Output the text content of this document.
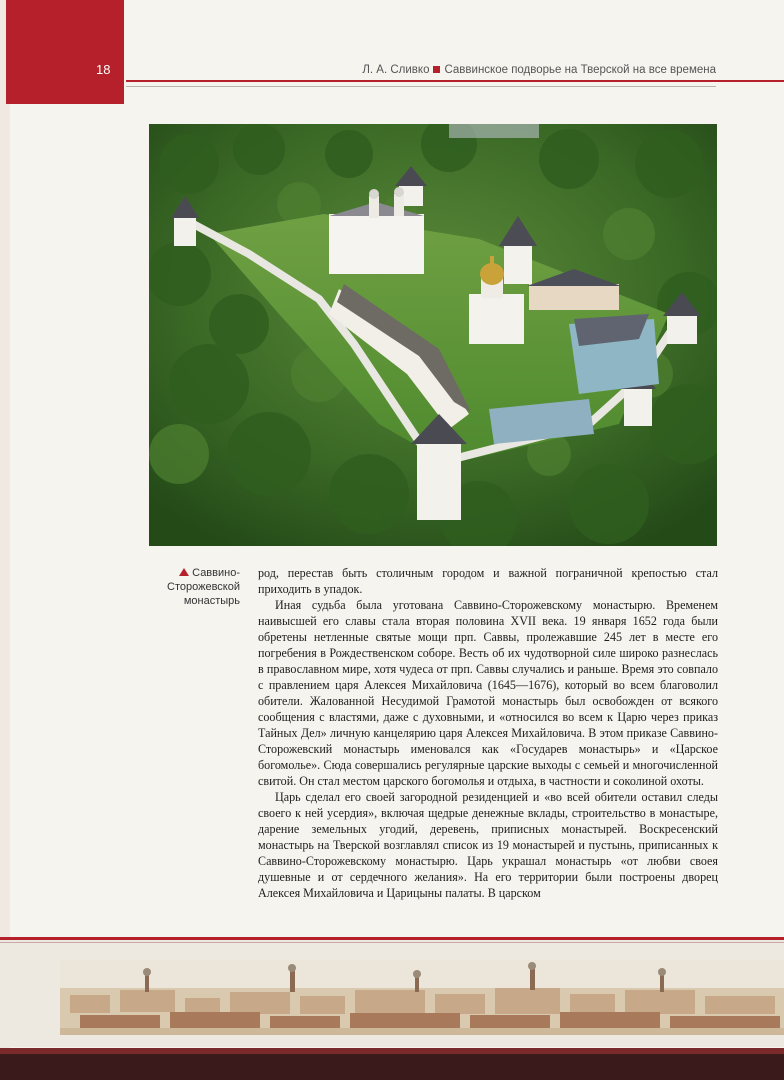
18	Л. А. Сливко Саввинское подворье на Тверской на все времена
Саввино-
Сторожевской
монастырь

род, перестав быть столичным городом и важной пограничной крепостью стал приходить в упадок.

Иная судьба была уготована Саввино-Сторожевскому монастырю. Временем наивысшей его славы стала вторая половина XVII века. 19 января 1652 года были обретены нетленные святые мощи прп. Саввы, пролежавшие 245 лет в месте его погребения в Рождественском соборе. Весть об их чудотворной силе широко разнеслась в православном мире, хотя чудеса от прп. Саввы случались и раньше. Время это совпало с правлением царя Алексея Михайловича (1645—1676), который во всем благоволил обители. Жалованной Несудимой Грамотой монастырь был освобожден от всякого сообщения с властями, даже с духовными, и «относился во всем к Царю через приказ Тайных Дел» личную канцелярию царя Алексея Михайловича. В этом приказе Саввино-Сторожевский монастырь именовался как «Государев монастырь» и «Царское богомолье». Сюда совершались регулярные царские выходы с семьей и многочисленной свитой. Он стал местом царского богомолья и отдыха, в частности и соколиной охоты.

Царь сделал его своей загородной резиденцией и «во всей обители оставил следы своего к ней усердия», включая щедрые денежные вклады, строительство в монастыре, дарение земельных угодий, деревень, приписных монастырей. Воскресенский монастырь на Тверской возглавлял список из 19 монастырей и пустынь, приписанных к Саввино-Сторожевскому монастырю. Царь украшал монастырь «от любви своея душевные и от сердечного желания». На его территории были построены дворец Алексея Михайловича и Царицыны палаты. В царском
